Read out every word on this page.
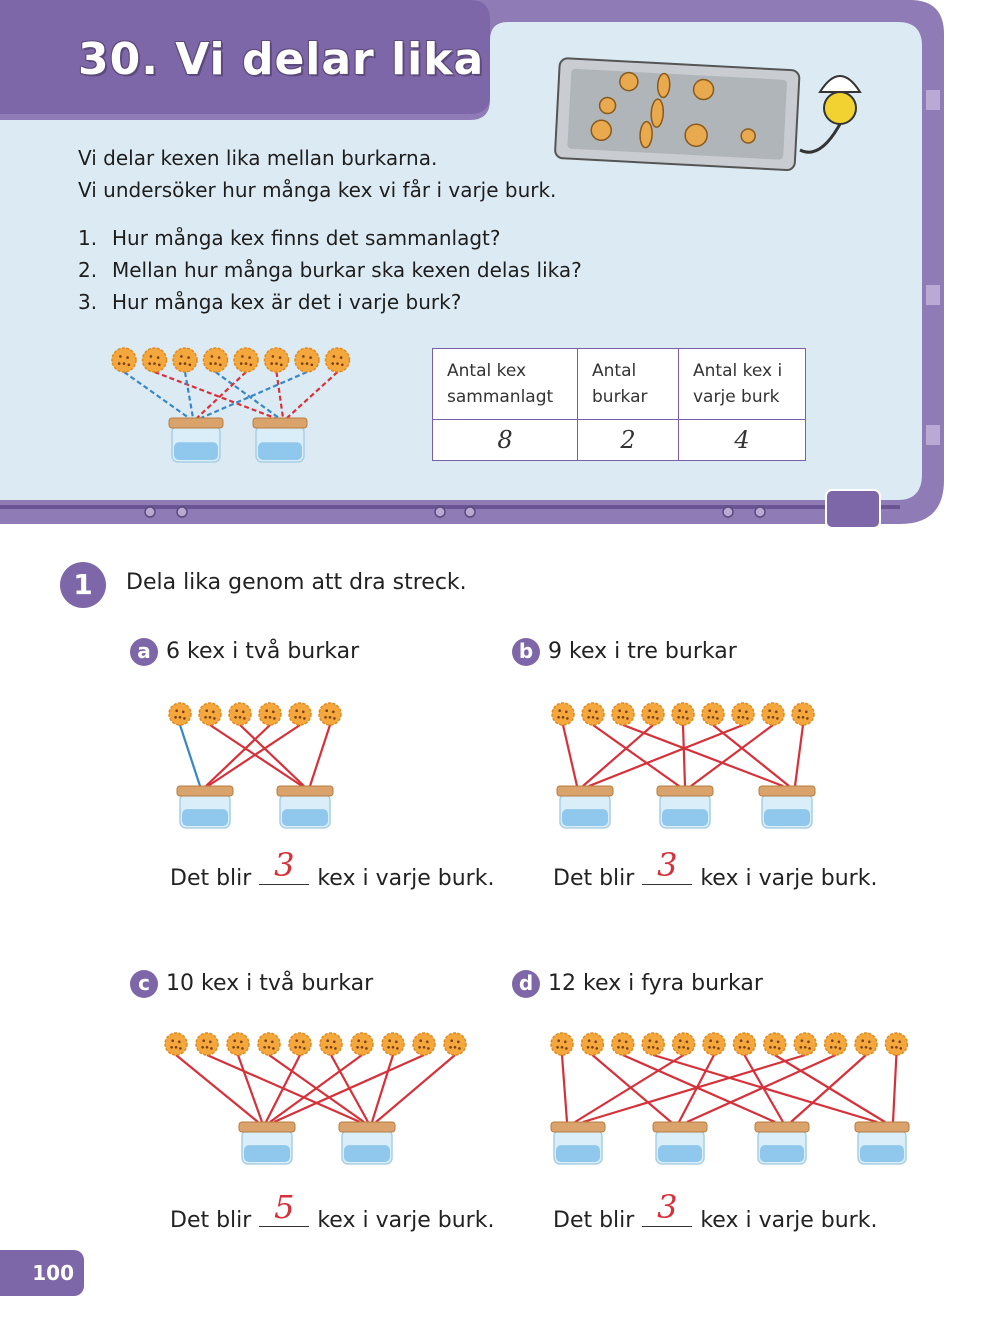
30. Vi delar lika
Vi delar kexen lika mellan burkarna.
Vi undersöker hur många kex vi får i varje burk.
1. Hur många kex finns det sammanlagt?
2. Mellan hur många burkar ska kexen delas lika?
3. Hur många kex är det i varje burk?
Antal kex sammanlagt	Antal burkar	Antal kex i varje burk
8	2	4
1	Dela lika genom att dra streck.
a 6 kex i två burkar	b 9 kex i tre burkar
c 10 kex i två burkar	d 12 kex i fyra burkar
Det blir 3	kex i varje burk.	Det blir 3	kex i varje burk.
Det blir 5	kex i varje burk.	Det blir 3	kex i varje burk.
100
